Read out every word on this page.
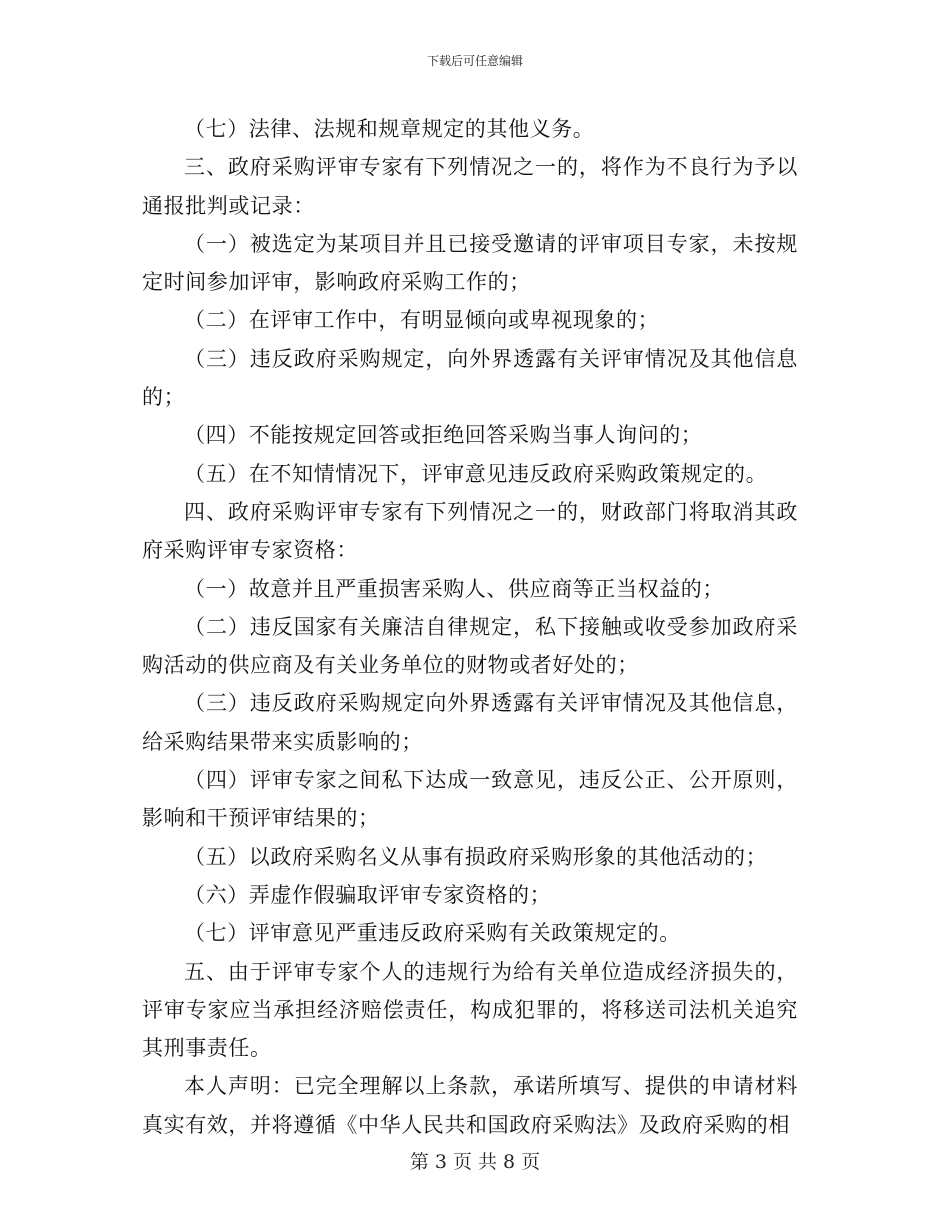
下载后可任意编辑

（七）法律、法规和规章规定的其他义务。

三、政府采购评审专家有下列情况之一的，将作为不良行为予以通报批判或记录：

（一）被选定为某项目并且已接受邀请的评审项目专家，未按规定时间参加评审，影响政府采购工作的；

（二）在评审工作中，有明显倾向或卑视现象的；

（三）违反政府采购规定，向外界透露有关评审情况及其他信息的；

（四）不能按规定回答或拒绝回答采购当事人询问的；

（五）在不知情情况下，评审意见违反政府采购政策规定的。

四、政府采购评审专家有下列情况之一的，财政部门将取消其政府采购评审专家资格：

（一）故意并且严重损害采购人、供应商等正当权益的；

（二）违反国家有关廉洁自律规定，私下接触或收受参加政府采购活动的供应商及有关业务单位的财物或者好处的；

（三）违反政府采购规定向外界透露有关评审情况及其他信息，给采购结果带来实质影响的；

（四）评审专家之间私下达成一致意见，违反公正、公开原则，影响和干预评审结果的；

（五）以政府采购名义从事有损政府采购形象的其他活动的；

（六）弄虚作假骗取评审专家资格的；

（七）评审意见严重违反政府采购有关政策规定的。

五、由于评审专家个人的违规行为给有关单位造成经济损失的，评审专家应当承担经济赔偿责任，构成犯罪的，将移送司法机关追究其刑事责任。

本人声明：已完全理解以上条款，承诺所填写、提供的申请材料真实有效，并将遵循《中华人民共和国政府采购法》及政府采购的相

第 3 页 共 8 页
